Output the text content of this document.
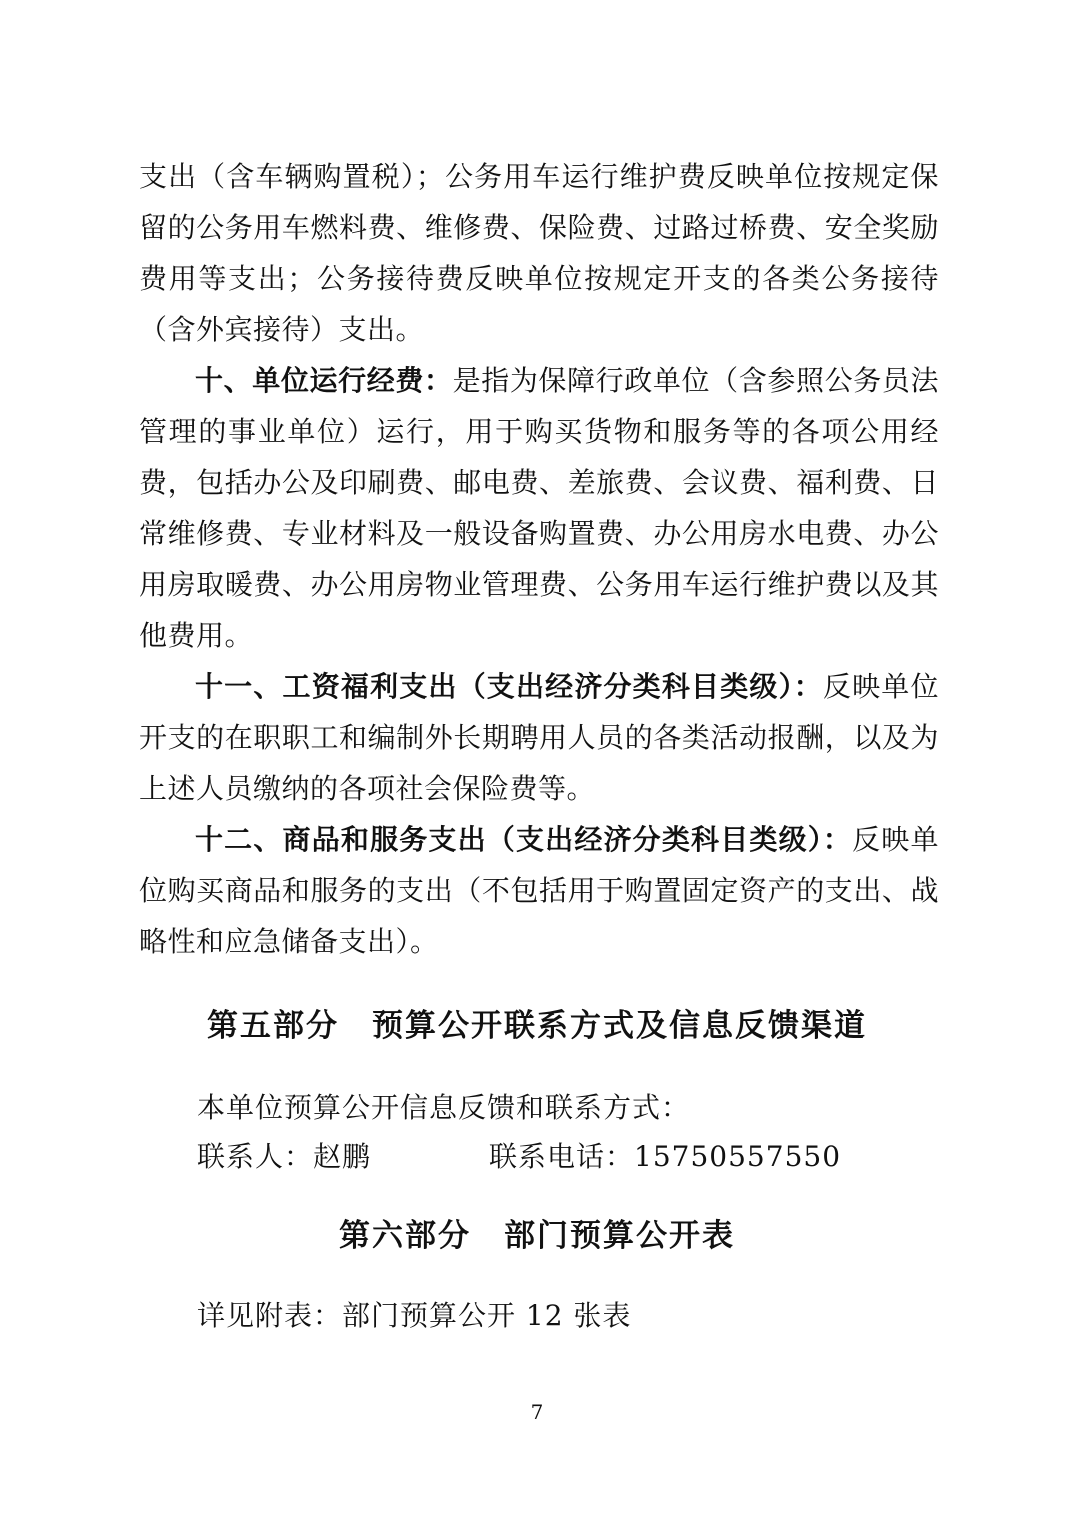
支出（含车辆购置税）；公务用车运行维护费反映单位按规定保留的公务用车燃料费、维修费、保险费、过路过桥费、安全奖励费用等支出；公务接待费反映单位按规定开支的各类公务接待（含外宾接待）支出。

十、单位运行经费：是指为保障行政单位（含参照公务员法管理的事业单位）运行，用于购买货物和服务等的各项公用经费，包括办公及印刷费、邮电费、差旅费、会议费、福利费、日常维修费、专业材料及一般设备购置费、办公用房水电费、办公用房取暖费、办公用房物业管理费、公务用车运行维护费以及其他费用。

十一、工资福利支出（支出经济分类科目类级）：反映单位开支的在职职工和编制外长期聘用人员的各类活动报酬，以及为上述人员缴纳的各项社会保险费等。

十二、商品和服务支出（支出经济分类科目类级）：反映单位购买商品和服务的支出（不包括用于购置固定资产的支出、战略性和应急储备支出）。

第五部分　预算公开联系方式及信息反馈渠道
本单位预算公开信息反馈和联系方式：
联系人：赵鹏	联系电话：15750557550
第六部分　部门预算公开表
详见附表：部门预算公开 12 张表
7
